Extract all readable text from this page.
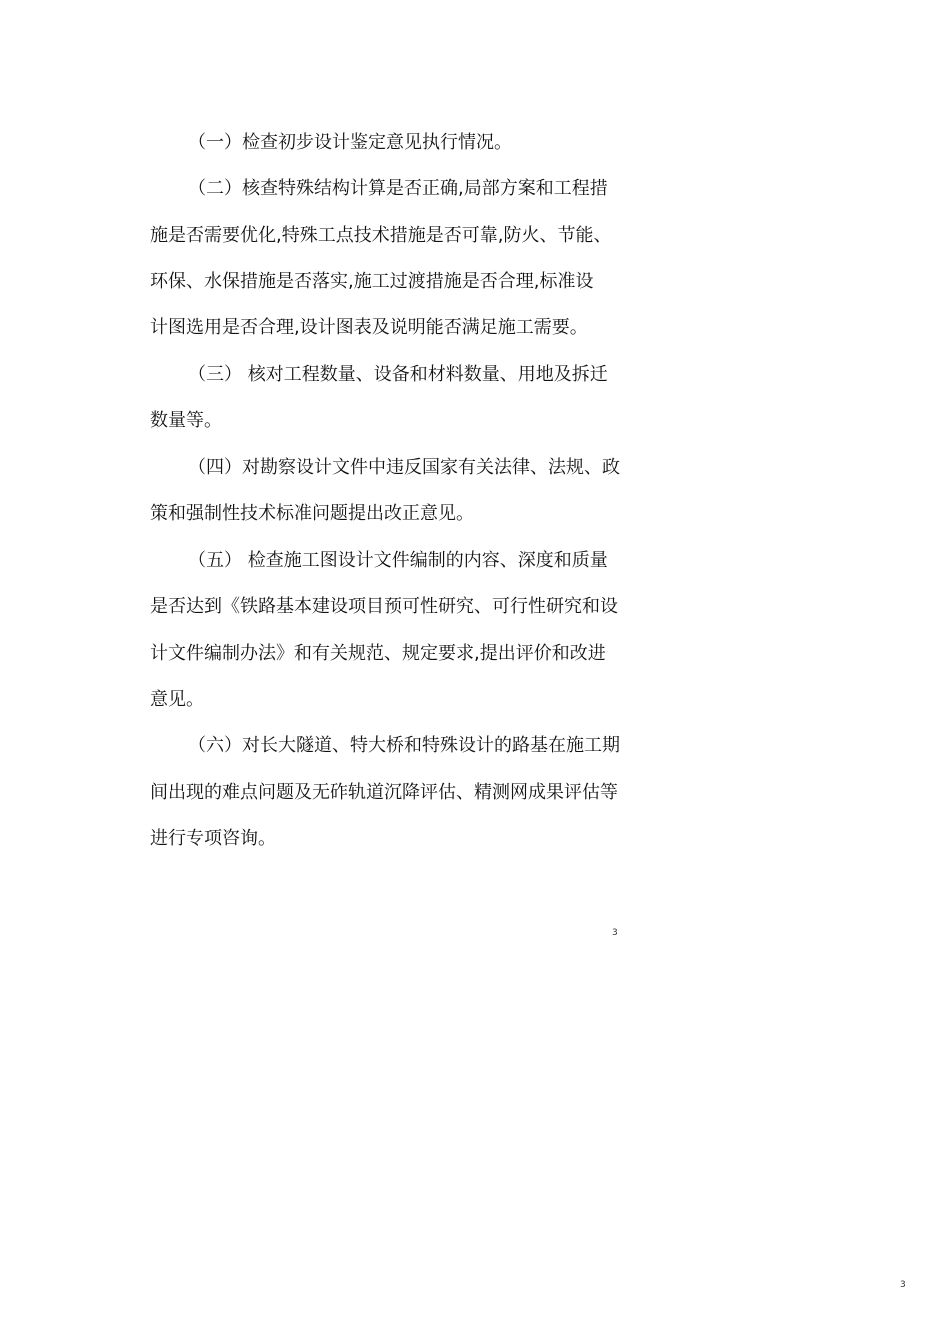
（一）检查初步设计鉴定意见执行情况。
（二）核查特殊结构计算是否正确,局部方案和工程措
施是否需要优化,特殊工点技术措施是否可靠,防火、节能、
环保、水保措施是否落实,施工过渡措施是否合理,标准设
计图选用是否合理,设计图表及说明能否满足施工需要。
（三） 核对工程数量、设备和材料数量、用地及拆迁
数量等。
（四）对勘察设计文件中违反国家有关法律、法规、政
策和强制性技术标准问题提出改正意见。
（五） 检查施工图设计文件编制的内容、深度和质量
是否达到《铁路基本建设项目预可性研究、可行性研究和设
计文件编制办法》和有关规范、规定要求,提出评价和改进
意见。
（六）对长大隧道、特大桥和特殊设计的路基在施工期
间出现的难点问题及无砟轨道沉降评估、精测网成果评估等
进行专项咨询。
3
3
